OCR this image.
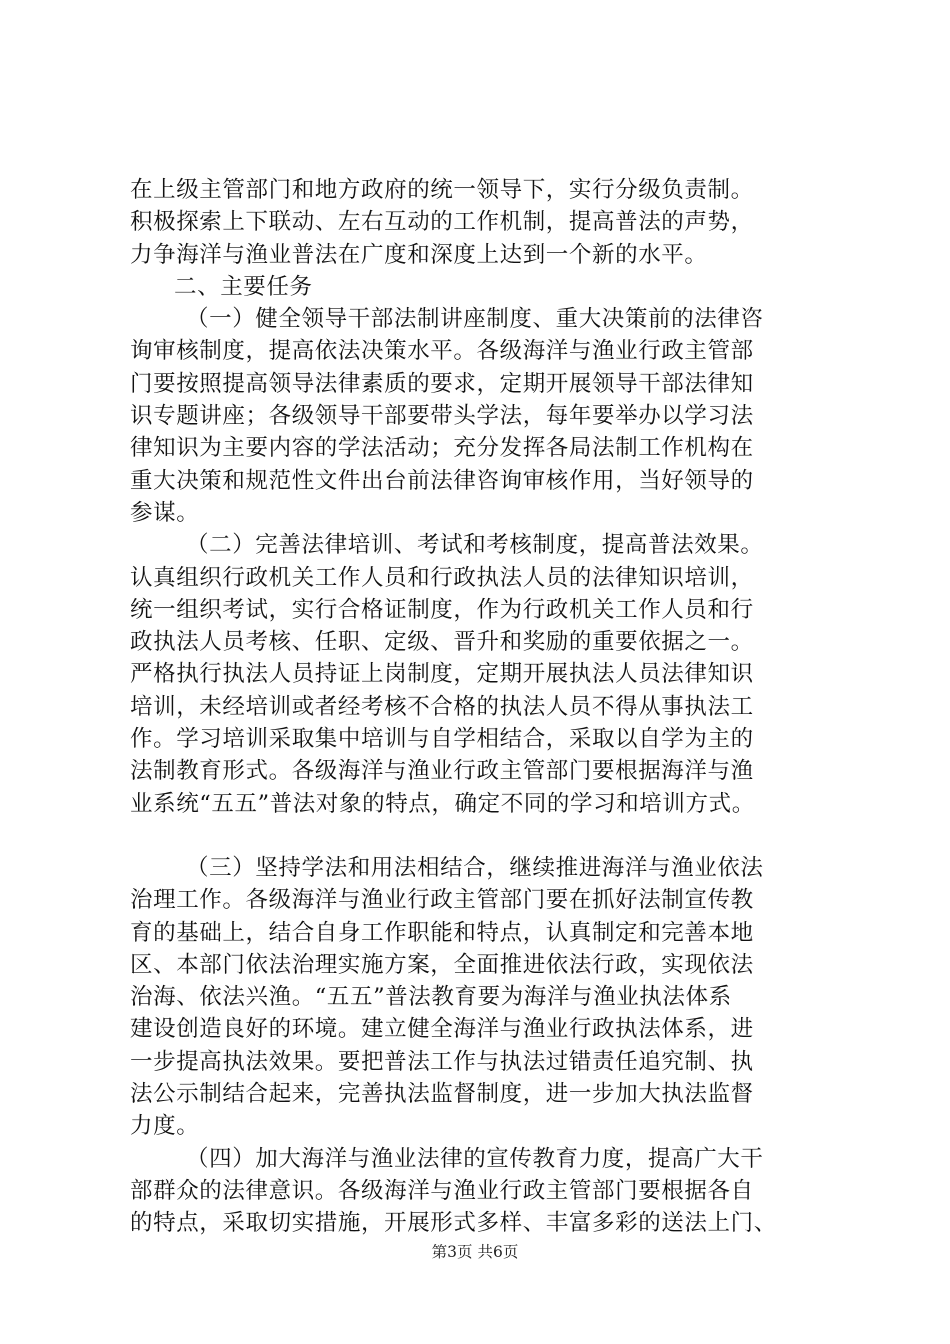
在上级主管部门和地方政府的统一领导下，实行分级负责制。
积极探索上下联动、左右互动的工作机制，提高普法的声势，
力争海洋与渔业普法在广度和深度上达到一个新的水平。
二、主要任务
（一）健全领导干部法制讲座制度、重大决策前的法律咨
询审核制度，提高依法决策水平。各级海洋与渔业行政主管部
门要按照提高领导法律素质的要求，定期开展领导干部法律知
识专题讲座；各级领导干部要带头学法，每年要举办以学习法
律知识为主要内容的学法活动；充分发挥各局法制工作机构在
重大决策和规范性文件出台前法律咨询审核作用，当好领导的
参谋。
（二）完善法律培训、考试和考核制度，提高普法效果。
认真组织行政机关工作人员和行政执法人员的法律知识培训，
统一组织考试，实行合格证制度，作为行政机关工作人员和行
政执法人员考核、任职、定级、晋升和奖励的重要依据之一。
严格执行执法人员持证上岗制度，定期开展执法人员法律知识
培训，未经培训或者经考核不合格的执法人员不得从事执法工
作。学习培训采取集中培训与自学相结合，采取以自学为主的
法制教育形式。各级海洋与渔业行政主管部门要根据海洋与渔
业系统“五五”普法对象的特点，确定不同的学习和培训方式。
（三）坚持学法和用法相结合，继续推进海洋与渔业依法
治理工作。各级海洋与渔业行政主管部门要在抓好法制宣传教
育的基础上，结合自身工作职能和特点，认真制定和完善本地
区、本部门依法治理实施方案，全面推进依法行政，实现依法
治海、依法兴渔。“五五”普法教育要为海洋与渔业执法体系
建设创造良好的环境。建立健全海洋与渔业行政执法体系，进
一步提高执法效果。要把普法工作与执法过错责任追究制、执
法公示制结合起来，完善执法监督制度，进一步加大执法监督
力度。
（四）加大海洋与渔业法律的宣传教育力度，提高广大干
部群众的法律意识。各级海洋与渔业行政主管部门要根据各自
的特点，采取切实措施，开展形式多样、丰富多彩的送法上门、
第3页 共6页
